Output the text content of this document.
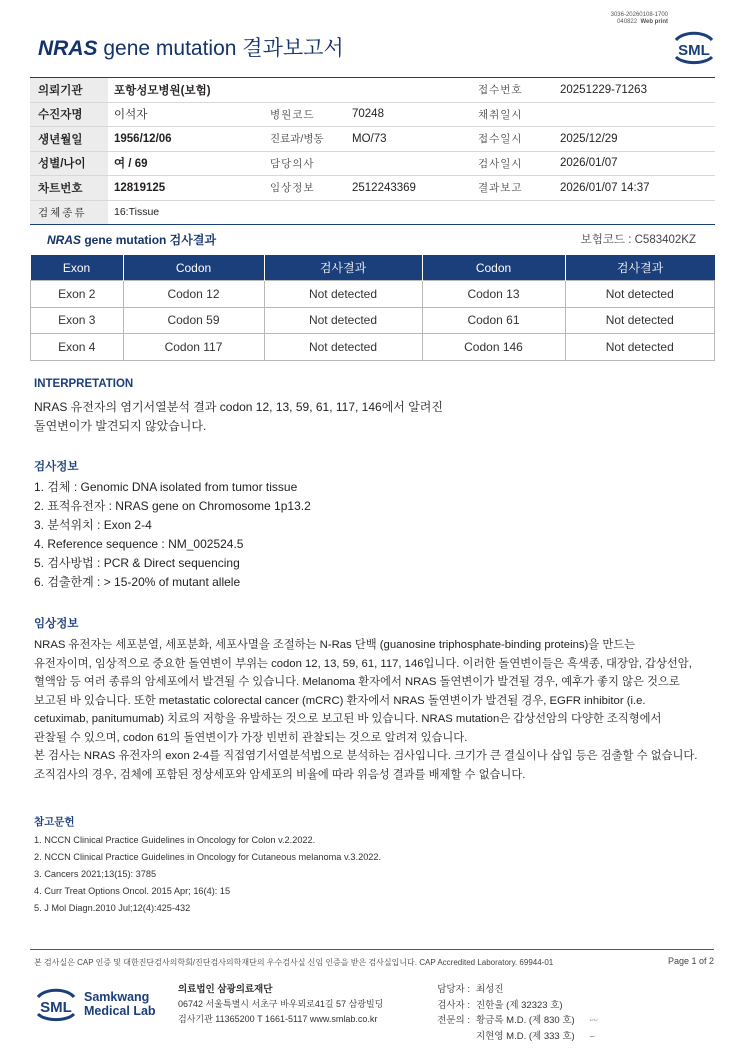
3036-20260108-1700
040822 Web print
SML
NRAS gene mutation 결과보고서
의뢰기관	포항성모병원(보험)			접수번호	20251229-71263
수진자명	이석자	병원코드	70248	채취일시	
생년월일	1956/12/06	진료과/병동	MO/73	접수일시	2025/12/29
성별/나이	여 / 69	담당의사		검사일시	2026/01/07
차트번호	12819125	임상정보	2512243369	결과보고	2026/01/07 14:37
검체종류	16:Tissue				
NRAS gene mutation 검사결과	보험코드 : C583402KZ
Exon	Codon	검사결과	Codon	검사결과
Exon 2	Codon 12	Not detected	Codon 13	Not detected
Exon 3	Codon 59	Not detected	Codon 61	Not detected
Exon 4	Codon 117	Not detected	Codon 146	Not detected
INTERPRETATION
NRAS 유전자의 염기서열분석 결과 codon 12, 13, 59, 61, 117, 146에서 알려진
돌연변이가 발견되지 않았습니다.
검사정보
1. 검체 : Genomic DNA isolated from tumor tissue
2. 표적유전자 : NRAS gene on Chromosome 1p13.2
3. 분석위치 : Exon 2-4
4. Reference sequence : NM_002524.5
5. 검사방법 : PCR & Direct sequencing
6. 검출한계 : > 15-20% of mutant allele
임상정보
NRAS 유전자는 세포분열, 세포분화, 세포사멸을 조절하는 N-Ras 단백 (guanosine triphosphate-binding proteins)을 만드는
유전자이며, 임상적으로 중요한 돌연변이 부위는 codon 12, 13, 59, 61, 117, 146입니다. 이러한 돌연변이들은 흑색종, 대장암, 갑상선암,
혈액암 등 여러 종류의 암세포에서 발견될 수 있습니다. Melanoma 환자에서 NRAS 돌연변이가 발견될 경우, 예후가 좋지 않은 것으로
보고된 바 있습니다. 또한 metastatic colorectal cancer (mCRC) 환자에서 NRAS 돌연변이가 발견될 경우, EGFR inhibitor (i.e.
cetuximab, panitumumab) 치료의 저항을 유발하는 것으로 보고된 바 있습니다. NRAS mutation은 갑상선암의 다양한 조직형에서
관찰될 수 있으며, codon 61의 돌연변이가 가장 빈번히 관찰되는 것으로 알려져 있습니다.
본 검사는 NRAS 유전자의 exon 2-4를 직접염기서열분석법으로 분석하는 검사입니다. 크기가 큰 결실이나 삽입 등은 검출할 수 없습니다.
조직검사의 경우, 검체에 포함된 정상세포와 암세포의 비율에 따라 위음성 결과를 배제할 수 없습니다.
참고문헌
1. NCCN Clinical Practice Guidelines in Oncology for Colon v.2.2022.
2. NCCN Clinical Practice Guidelines in Oncology for Cutaneous melanoma v.3.2022.
3. Cancers 2021;13(15): 3785
4. Curr Treat Options Oncol. 2015 Apr; 16(4): 15
5. J Mol Diagn.2010 Jul;12(4):425-432
본 검사실은 CAP 인증 및 대한진단검사의학회/진단검사의학재단의 우수검사실 신임 인증을 받은 검사실입니다. CAP Accredited Laboratory. 69944-01	Page 1 of 2
SML
Samkwang
Medical Lab
의료법인 삼광의료재단
06742 서울특별시 서초구 바우뫼로41길 57 삼광빌딩
검사기관 11365200 T 1661-5117 www.smlab.co.kr
담당자 : 최성진
검사자 : 진한울 (제 32323 호)
전문의 : 황금록 M.D. (제 830 호) 〰
지현영 M.D. (제 333 호) ∽
